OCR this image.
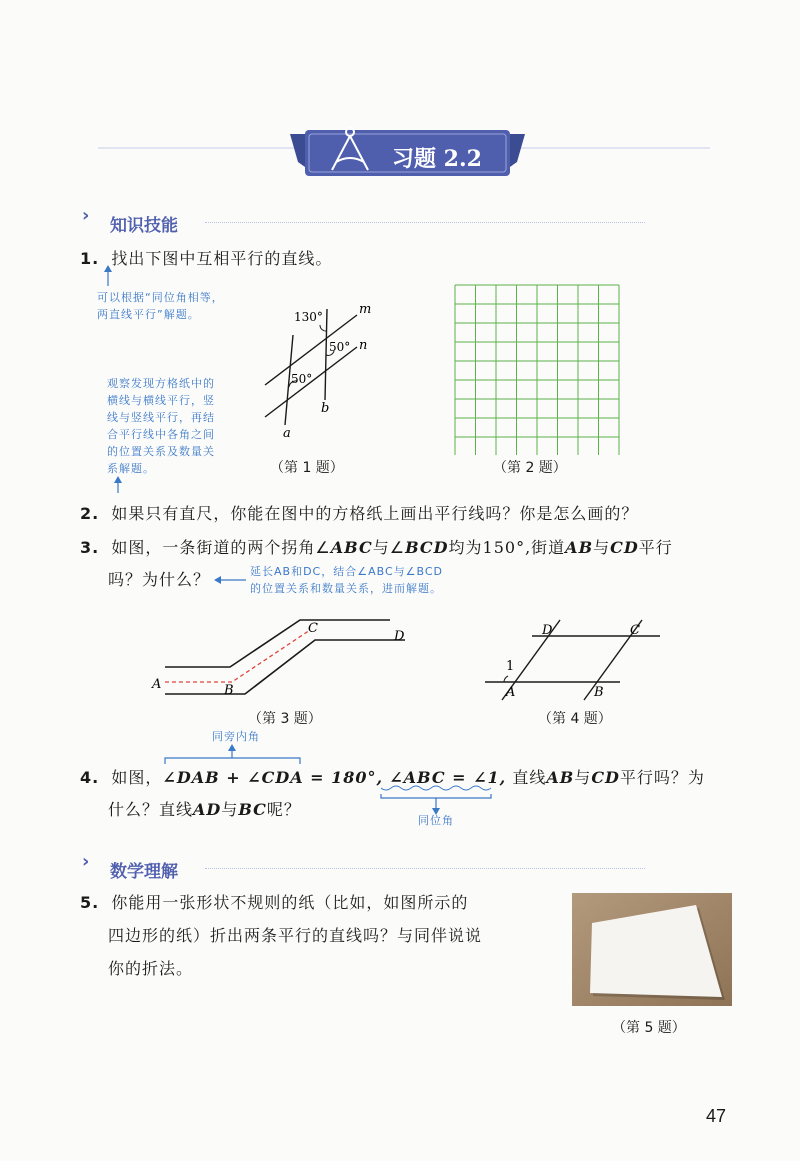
习题 2.2
› 知识技能
1. 找出下图中互相平行的直线。
可以根据“同位角相等，
两直线平行”解题。
观察发现方格纸中的
横线与横线平行，竖
线与竖线平行，再结
合平行线中各角之间
的位置关系及数量关
系解题。
130°
50°
50°
m
n
b
a
（第 1 题）	（第 2 题）
2. 如果只有直尺，你能在图中的方格纸上画出平行线吗？你是怎么画的？
3. 如图，一条街道的两个拐角∠ABC与∠BCD均为150°,街道AB与CD平行
吗？为什么？	延长AB和DC，结合∠ABC与∠BCD
的位置关系和数量关系，进而解题。
A	B
C
D
（第 3 题）
D	C
1
A	B
（第 4 题）
同旁内角
4. 如图，∠DAB + ∠CDA = 180°, ∠ABC = ∠1, 直线AB与CD平行吗？为
什么？直线AD与BC呢？
同位角
› 数学理解
5. 你能用一张形状不规则的纸（比如，如图所示的
四边形的纸）折出两条平行的直线吗？与同伴说说
你的折法。
（第 5 题）
47
